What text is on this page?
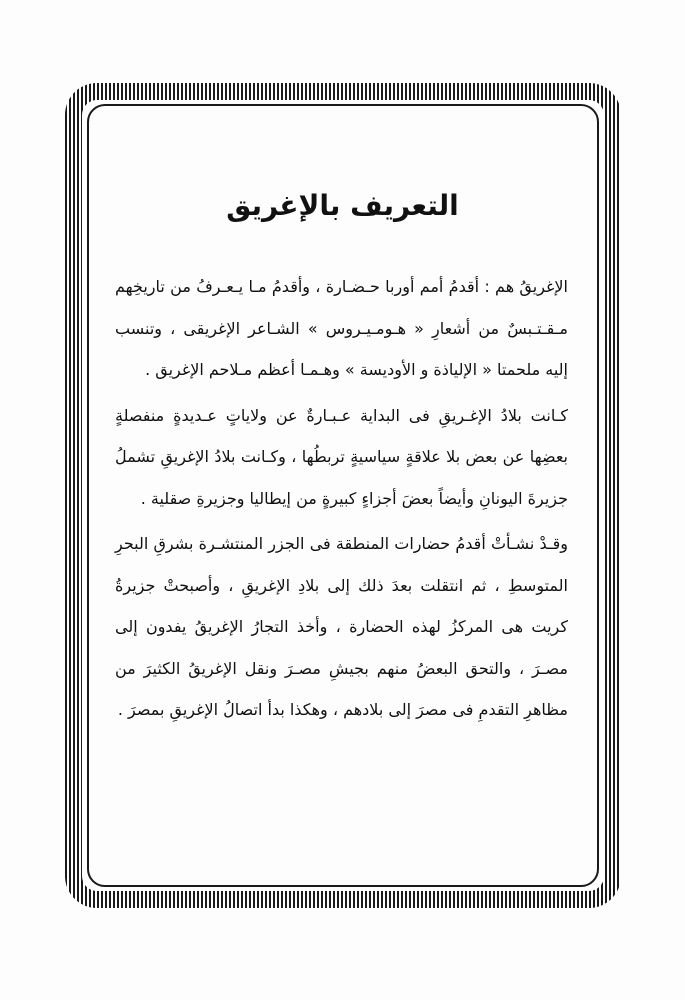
التعريف بالإغريق

الإغريقُ هم : أقدمُ أمم أوربا حـضـارة ، وأقدمُ مـا يـعـرفُ من تاريخِهم مـقـتـبسٌ من أشعارِ « هـومـيـروس » الشـاعر الإغريقى ، وتنسب إليه ملحمتا « الإلياذة و الأوديسة » وهـمـا أعظم مـلاحم الإغريق .

كـانت بلادُ الإغـريقِ فى البداية عـبـارةٌ عن ولاياتٍ عـديدةٍ منفصلةٍ بعضِها عن بعض بلا علاقةٍ سياسيةٍ تربطُها ، وكـانت بلادُ الإغريقِ تشملُ جزيرةَ اليونانِ وأيضاً بعضَ أجزاءٍ كبيرةٍ من إيطاليا وجزيرةِ صقلية .

وقـدْ نشـأتْ أقدمُ حضارات المنطقة فى الجزر المنتشـرة بشرقِ البحرِ المتوسطِ ، ثم انتقلت بعدَ ذلك إلى بلادِ الإغريقِ ، وأصبحتْ جزيرةُ كريت هى المركزُ لهذه الحضارة ، وأخذ التجارُ الإغريقُ يفدون إلى مصـرَ ، والتحق البعضُ منهم بجيشِ مصـرَ ونقل الإغريقُ الكثيرَ من مظاهرِ التقدمِ فى مصرَ إلى بلادهم ، وهكذا بدأ اتصالُ الإغريقِ بمصرَ .
